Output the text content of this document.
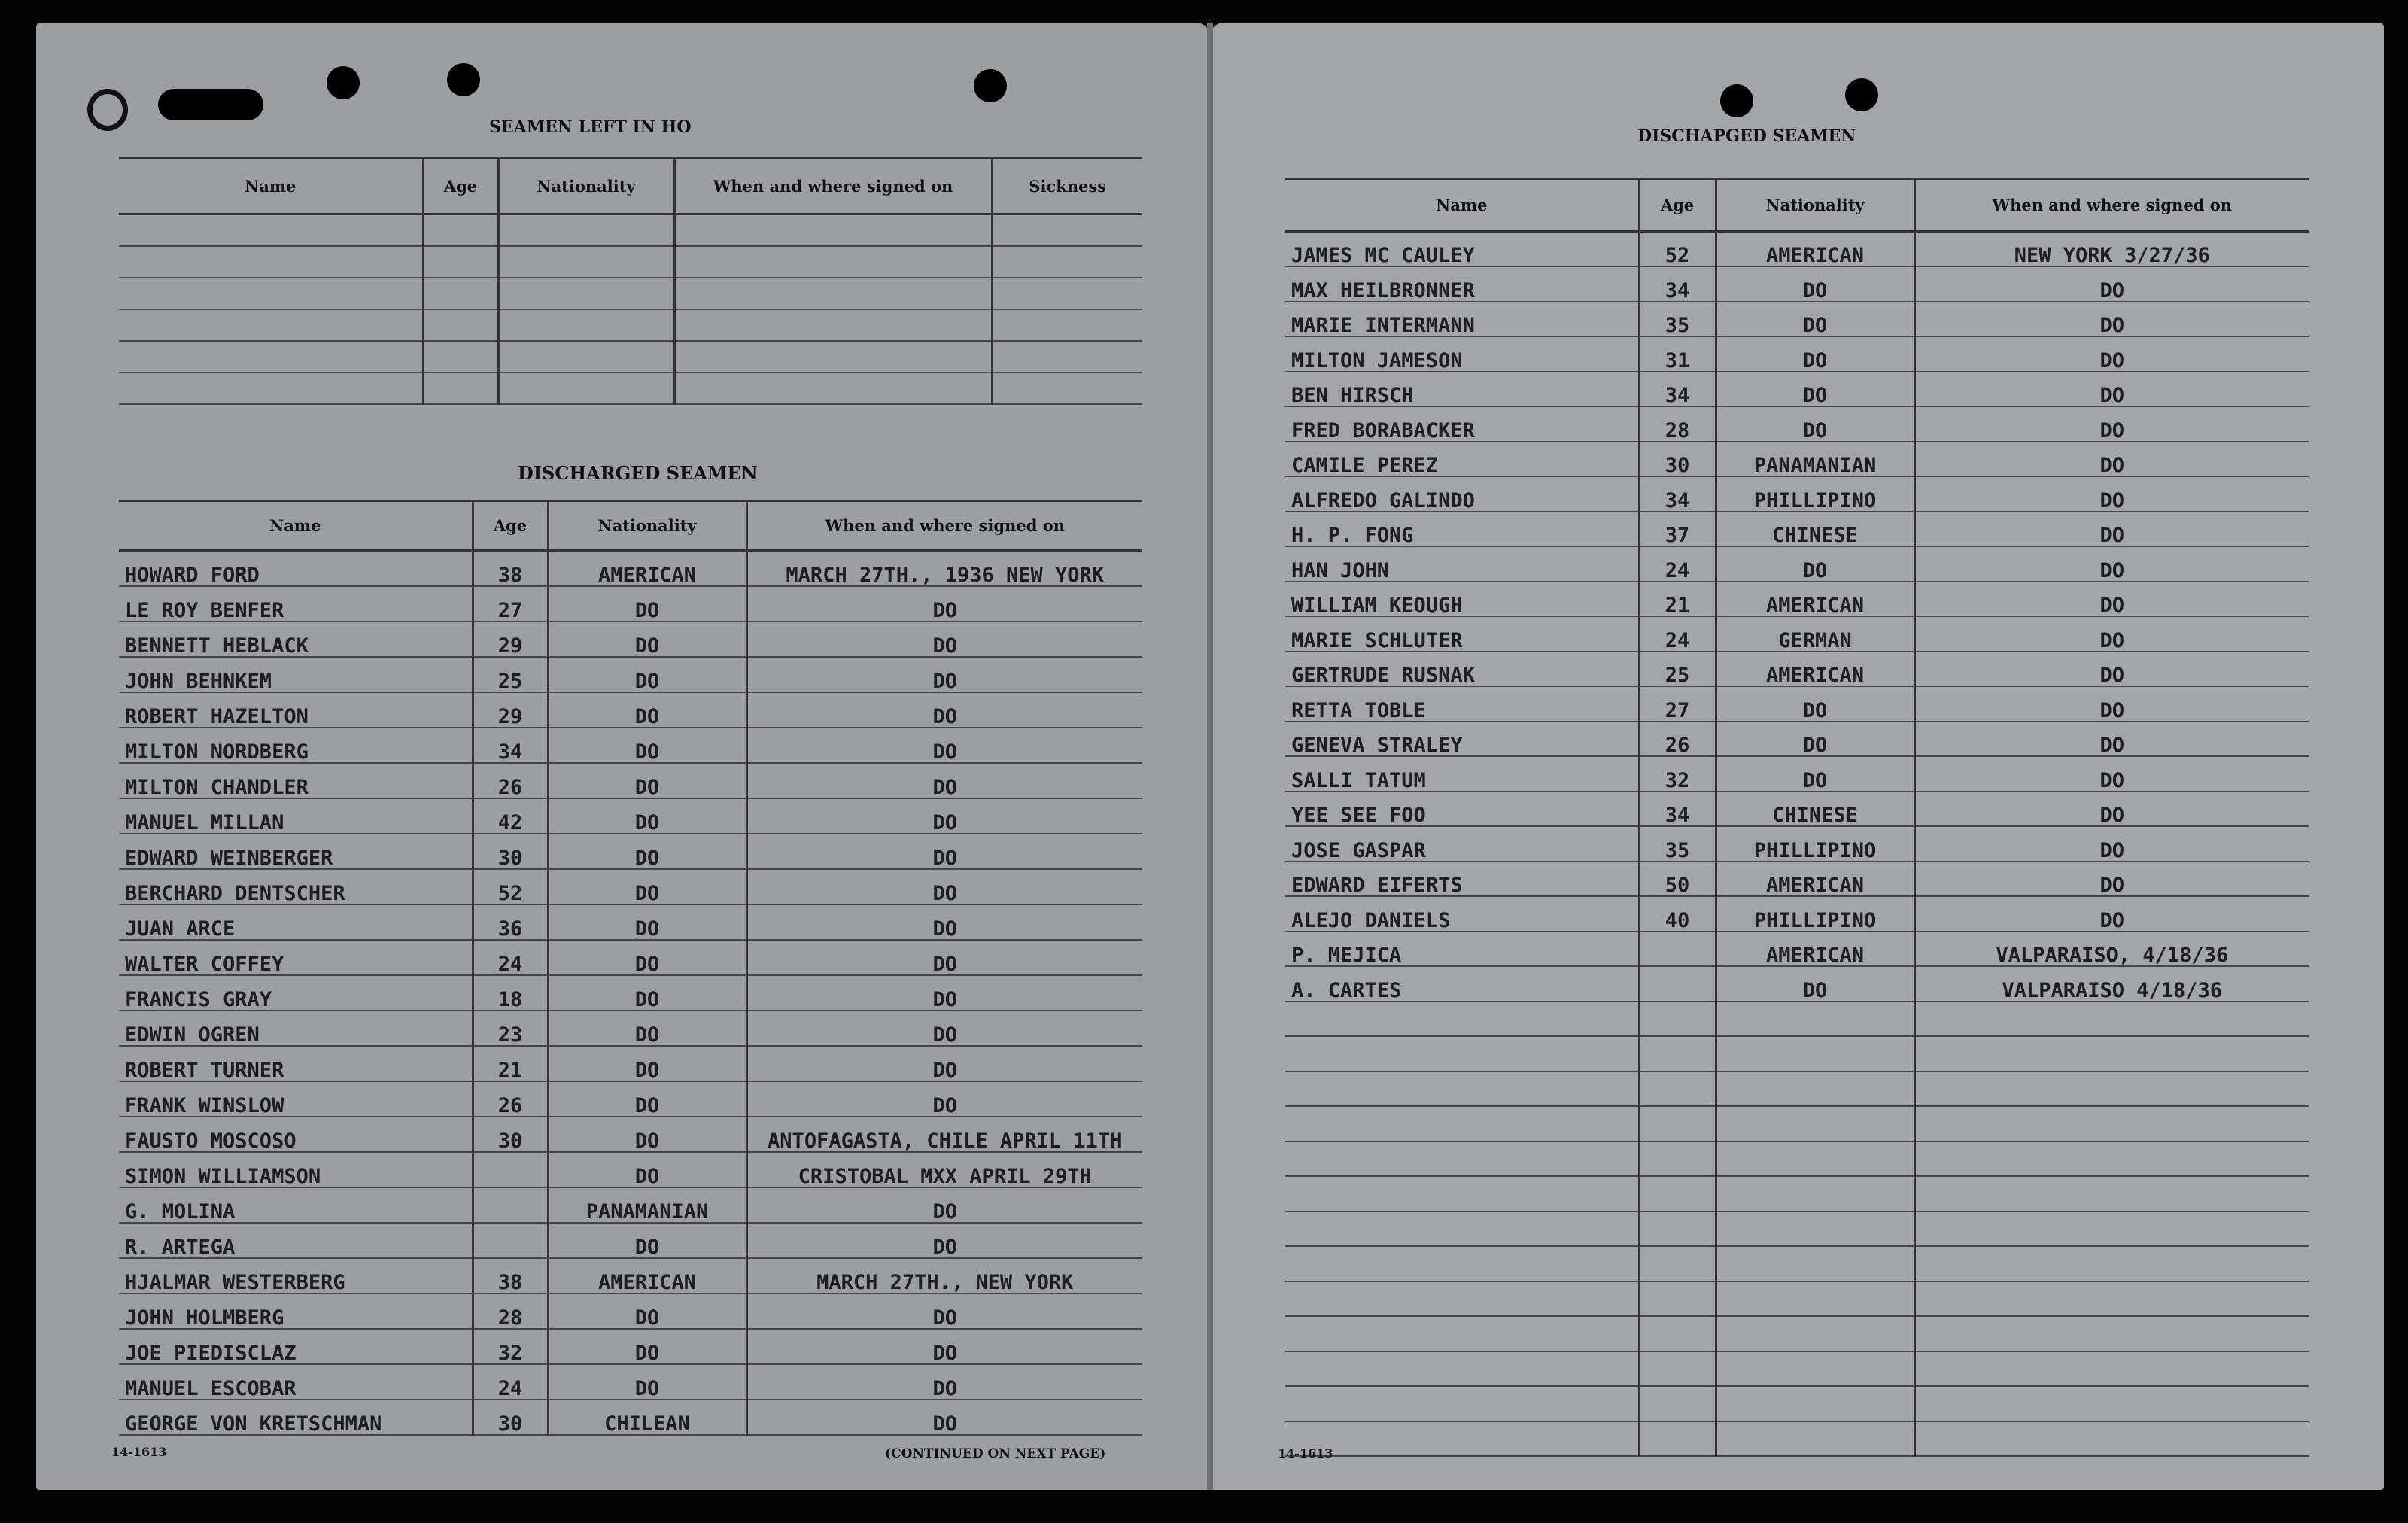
SEAMEN LEFT IN HO
Name	Age	Nationality	When and where signed on	Sickness

DISCHARGED SEAMEN
Name	Age	Nationality	When and where signed on
HOWARD FORD	38	AMERICAN	MARCH 27TH., 1936 NEW YORK
LE ROY BENFER	27	DO	DO
BENNETT HEBLACK	29	DO	DO
JOHN BEHNKEM	25	DO	DO
ROBERT HAZELTON	29	DO	DO
MILTON NORDBERG	34	DO	DO
MILTON CHANDLER	26	DO	DO
MANUEL MILLAN	42	DO	DO
EDWARD WEINBERGER	30	DO	DO
BERCHARD DENTSCHER	52	DO	DO
JUAN ARCE	36	DO	DO
WALTER COFFEY	24	DO	DO
FRANCIS GRAY	18	DO	DO
EDWIN OGREN	23	DO	DO
ROBERT TURNER	21	DO	DO
FRANK WINSLOW	26	DO	DO
FAUSTO MOSCOSO	30	DO	ANTOFAGASTA, CHILE APRIL 11TH
SIMON WILLIAMSON		DO	CRISTOBAL MXX APRIL 29TH
G. MOLINA		PANAMANIAN	DO
R. ARTEGA		DO	DO
HJALMAR WESTERBERG	38	AMERICAN	MARCH 27TH., NEW YORK
JOHN HOLMBERG	28	DO	DO
JOE PIEDISCLAZ	32	DO	DO
MANUEL ESCOBAR	24	DO	DO
GEORGE VON KRETSCHMAN	30	CHILEAN	DO
14-1613	(CONTINUED ON NEXT PAGE)
DISCHAPGED SEAMEN
Name	Age	Nationality	When and where signed on
JAMES MC CAULEY	52	AMERICAN	NEW YORK 3/27/36
MAX HEILBRONNER	34	DO	DO
MARIE INTERMANN	35	DO	DO
MILTON JAMESON	31	DO	DO
BEN HIRSCH	34	DO	DO
FRED BORABACKER	28	DO	DO
CAMILE PEREZ	30	PANAMANIAN	DO
ALFREDO GALINDO	34	PHILLIPINO	DO
H. P. FONG	37	CHINESE	DO
HAN JOHN	24	DO	DO
WILLIAM KEOUGH	21	AMERICAN	DO
MARIE SCHLUTER	24	GERMAN	DO
GERTRUDE RUSNAK	25	AMERICAN	DO
RETTA TOBLE	27	DO	DO
GENEVA STRALEY	26	DO	DO
SALLI TATUM	32	DO	DO
YEE SEE FOO	34	CHINESE	DO
JOSE GASPAR	35	PHILLIPINO	DO
EDWARD EIFERTS	50	AMERICAN	DO
ALEJO DANIELS	40	PHILLIPINO	DO
P. MEJICA		AMERICAN	VALPARAISO, 4/18/36
A. CARTES		DO	VALPARAISO 4/18/36

14-1613
